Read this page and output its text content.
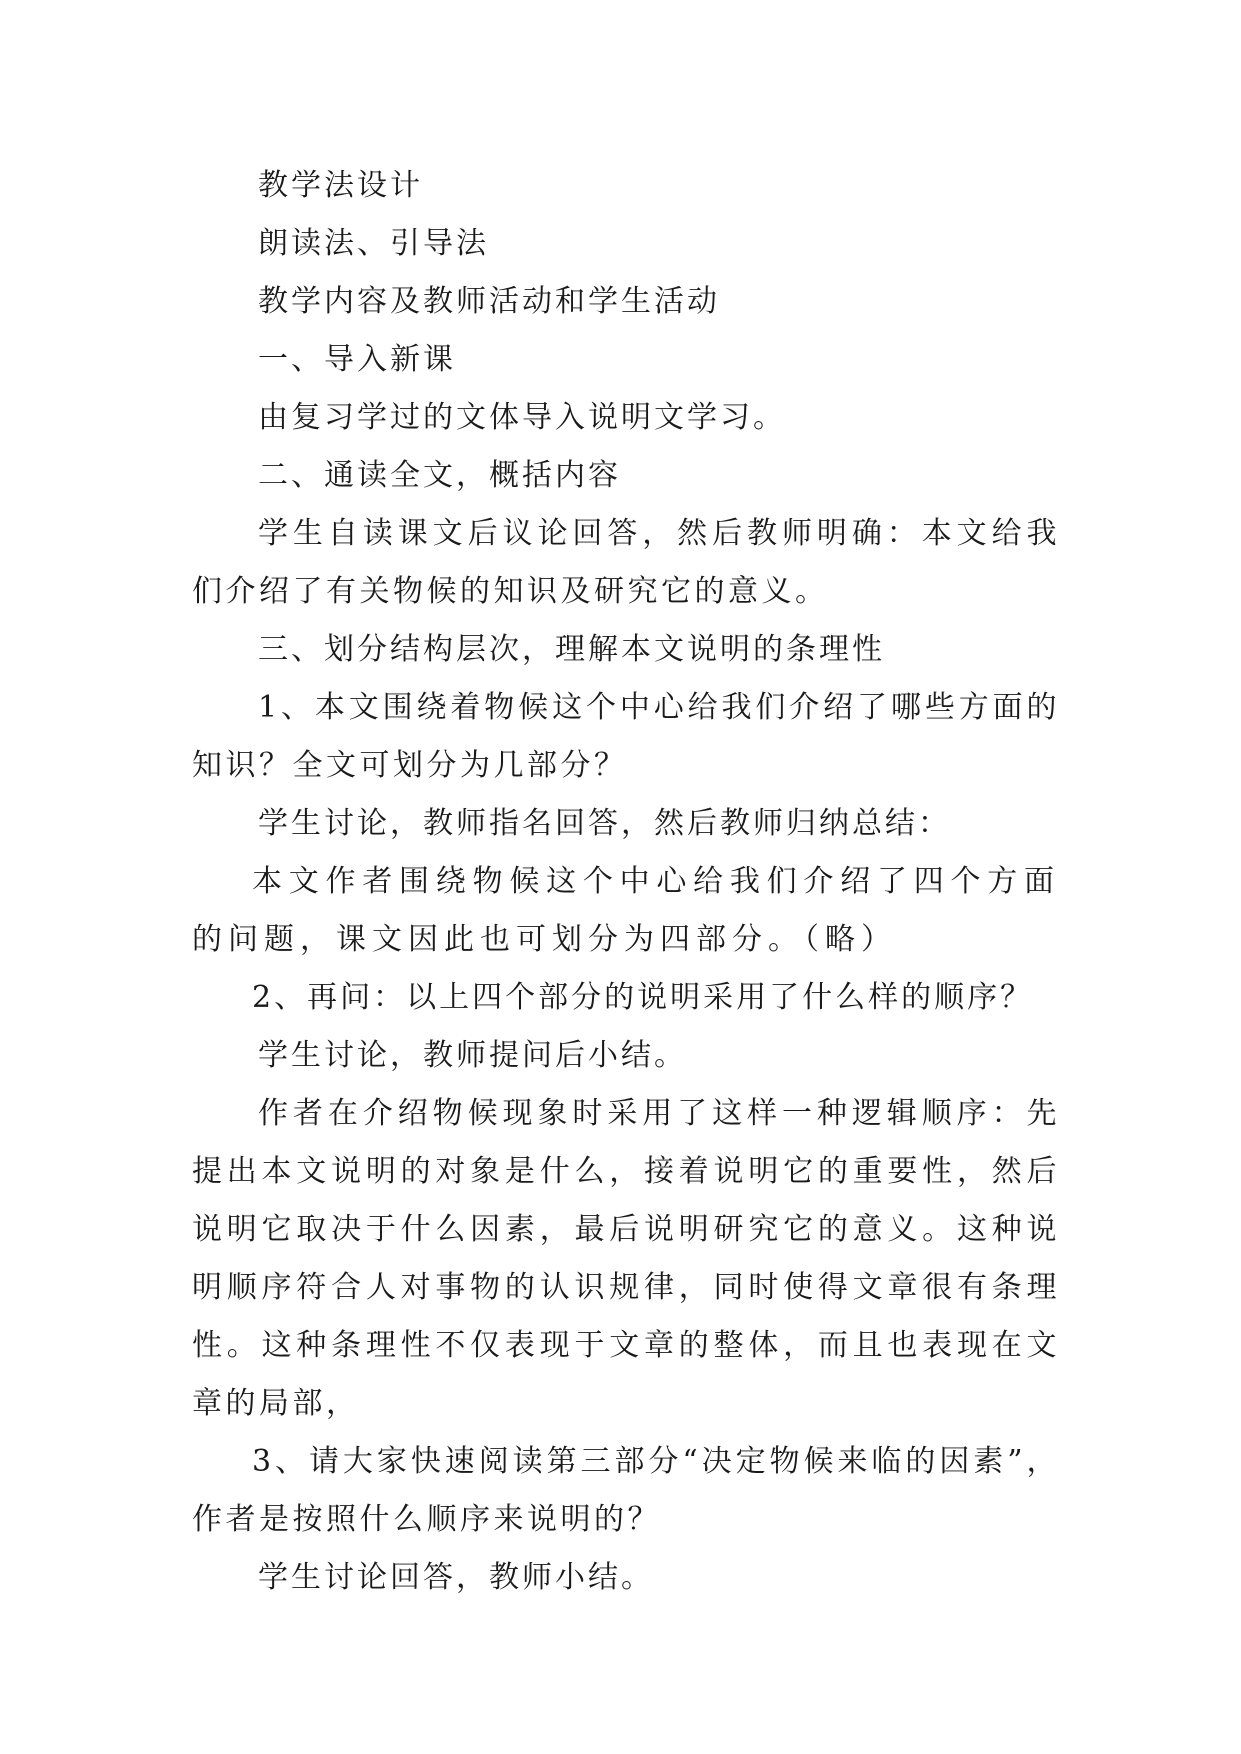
教学法设计

朗读法、引导法

教学内容及教师活动和学生活动

一、导入新课

由复习学过的文体导入说明文学习。

二、通读全文，概括内容

学生自读课文后议论回答，然后教师明确：本文给我们介绍了有关物候的知识及研究它的意义。

三、划分结构层次，理解本文说明的条理性

1、本文围绕着物候这个中心给我们介绍了哪些方面的知识？全文可划分为几部分？

学生讨论，教师指名回答，然后教师归纳总结：

本文作者围绕物候这个中心给我们介绍了四个方面的问题，课文因此也可划分为四部分。（略）

2、再问：以上四个部分的说明采用了什么样的顺序？

学生讨论，教师提问后小结。

作者在介绍物候现象时采用了这样一种逻辑顺序：先提出本文说明的对象是什么，接着说明它的重要性，然后说明它取决于什么因素，最后说明研究它的意义。这种说明顺序符合人对事物的认识规律，同时使得文章很有条理性。这种条理性不仅表现于文章的整体，而且也表现在文章的局部，

3、请大家快速阅读第三部分“决定物候来临的因素”，作者是按照什么顺序来说明的？

学生讨论回答，教师小结。
